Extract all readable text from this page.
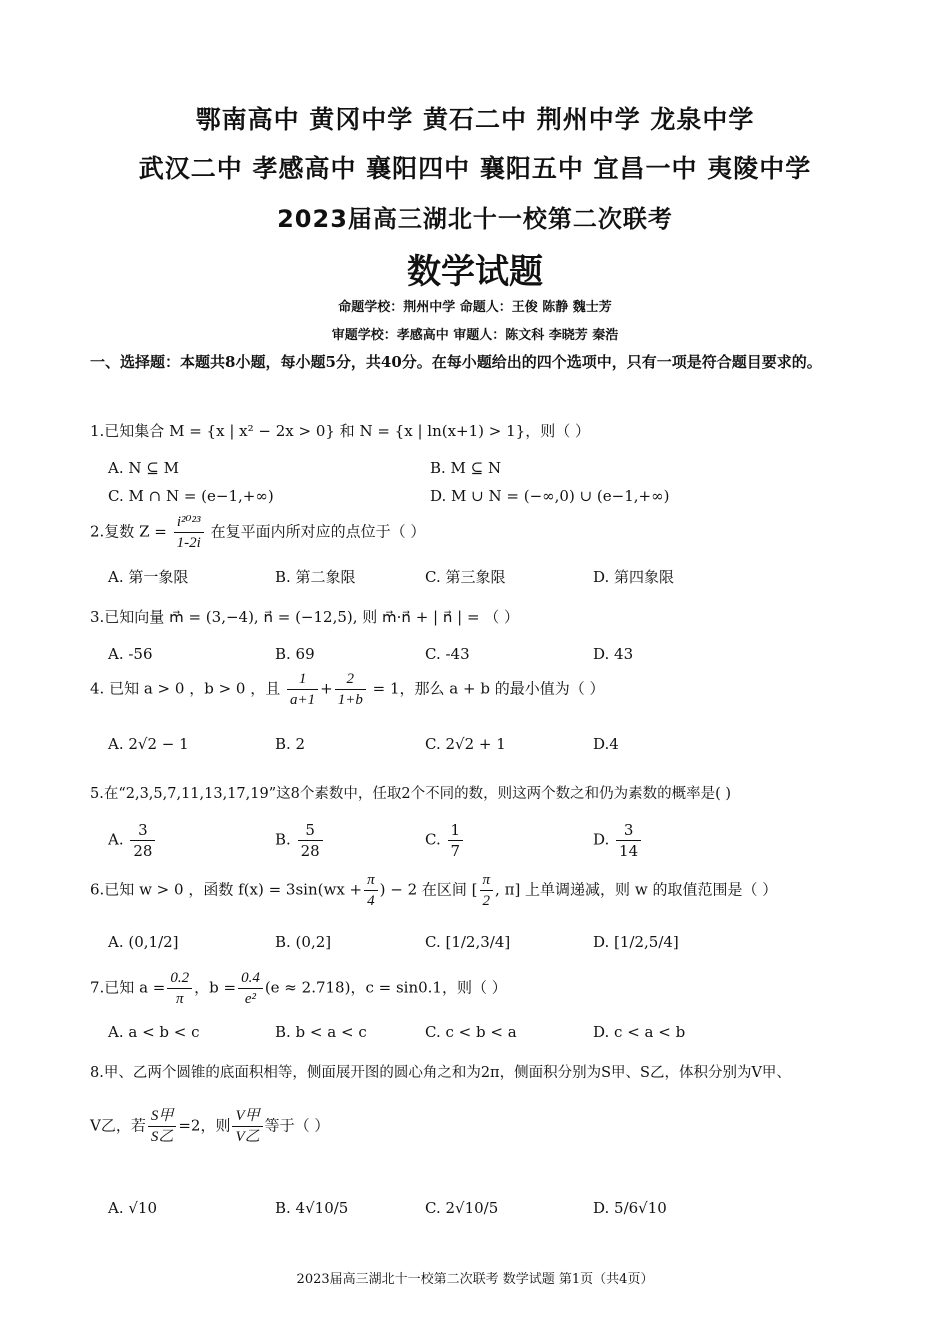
鄂南高中 黄冈中学 黄石二中 荆州中学 龙泉中学
武汉二中 孝感高中 襄阳四中 襄阳五中 宜昌一中 夷陵中学
2023届高三湖北十一校第二次联考
数学试题
命题学校：荆州中学 命题人：王俊 陈静 魏士芳
审题学校：孝感高中 审题人：陈文科 李晓芳 秦浩
一、选择题：本题共8小题，每小题5分，共40分。在每小题给出的四个选项中，只有一项是符合题目要求的。
1.已知集合 M = {x | x² − 2x > 0} 和 N = {x | ln(x+1) > 1}，则（ ）
A. N ⊆ M	B. M ⊆ N
C. M ∩ N = (e−1,+∞)	D. M ∪ N = (−∞,0) ∪ (e−1,+∞)
2.复数 $Z = \frac{\text{i²⁰²³}}{1-2i}$ 在复平面内所对应的点位于（ ）
A. 第一象限	B. 第二象限	C. 第三象限	D. 第四象限
3.已知向量 m⃗ = (3,−4), n⃗ = (−12,5), 则 m⃗·n⃗ + | n⃗ | = （ ）
A. -56	B. 69	C. -43	D. 43
4. 已知 a > 0 ，b > 0 ，且 $\frac{1}{a+1} + \frac{2}{1+b} = 1$，那么 a + b 的最小值为（ ）
A. 2√2 − 1	B. 2	C. 2√2 + 1	D.4
5.在“2,3,5,7,11,13,17,19”这8个素数中，任取2个不同的数，则这两个数之和仍为素数的概率是( )
A. $\frac{3}{28}$	B. $\frac{5}{28}$	C. $\frac{1}{7}$	D. $\frac{3}{14}$
6.已知 w > 0 ，函数 $f(x) = 3\sin(wx + \frac{\pi}{4}$ ) − 2 在区间 [ $\frac{\pi}{2}$ , π] 上单调递减，则 w 的取值范围是（ ）
A. (0,1/2]	B. (0,2]	C. [1/2,3/4]	D. [1/2,5/4]
7.已知 $a = \frac{0.2}{\pi}$ ，$b = \frac{0.4}{\text{e²}} (e \approx 2.718)$，c = sin0.1，则（ ）
A. a < b < c	B. b < a < c	C. c < b < a	D. c < a < b
8.甲、乙两个圆锥的底面积相等，侧面展开图的圆心角之和为2π，侧面积分别为S甲、S乙，体积分别为V甲、
V乙，若 $\frac{\text{S甲}}{\text{S乙}} =2$，则 $\frac{\text{V甲}}{\text{V乙}}$ 等于（ ）
A. √10	B. 4√10/5	C. 2√10/5	D. 5/6√10
2023届高三湖北十一校第二次联考 数学试题 第1页（共4页）
